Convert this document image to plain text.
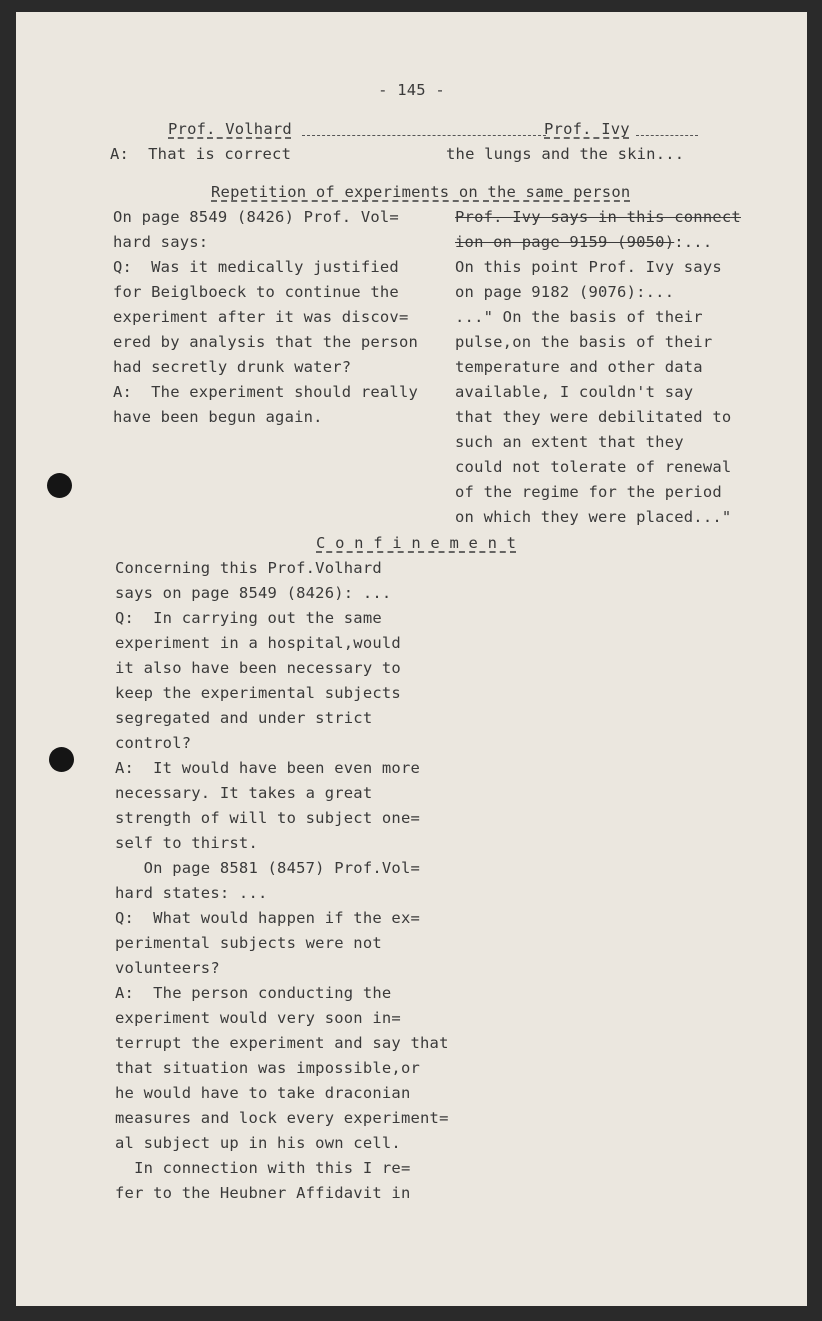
- 145 -
Prof. Volhard	Prof. Ivy
A:  That is correct	the lungs and the skin...
Repetition of experiments on the same person
On page 8549 (8426) Prof. Vol=
hard says:
Q:  Was it medically justified
for Beiglboeck to continue the
experiment after it was discov=
ered by analysis that the person
had secretly drunk water?
A:  The experiment should really
have been begun again.
Prof. Ivy says in this connect
ion on page 9159 (9050):...
On this point Prof. Ivy says
on page 9182 (9076):...
..." On the basis of their
pulse,on the basis of their
temperature and other data
available, I couldn't say
that they were debilitated to
such an extent that they
could not tolerate of renewal
of the regime for the period
on which they were placed..."
C o n f i n e m e n t
Concerning this Prof.Volhard
says on page 8549 (8426): ...
Q:  In carrying out the same
experiment in a hospital,would
it also have been necessary to
keep the experimental subjects
segregated and under strict
control?
A:  It would have been even more
necessary. It takes a great
strength of will to subject one=
self to thirst.
On page 8581 (8457) Prof.Vol=
hard states: ...
Q:  What would happen if the ex=
perimental subjects were not
volunteers?
A:  The person conducting the
experiment would very soon in=
terrupt the experiment and say that
that situation was impossible,or
he would have to take draconian
measures and lock every experiment=
al subject up in his own cell.
In connection with this I re=
fer to the Heubner Affidavit in
